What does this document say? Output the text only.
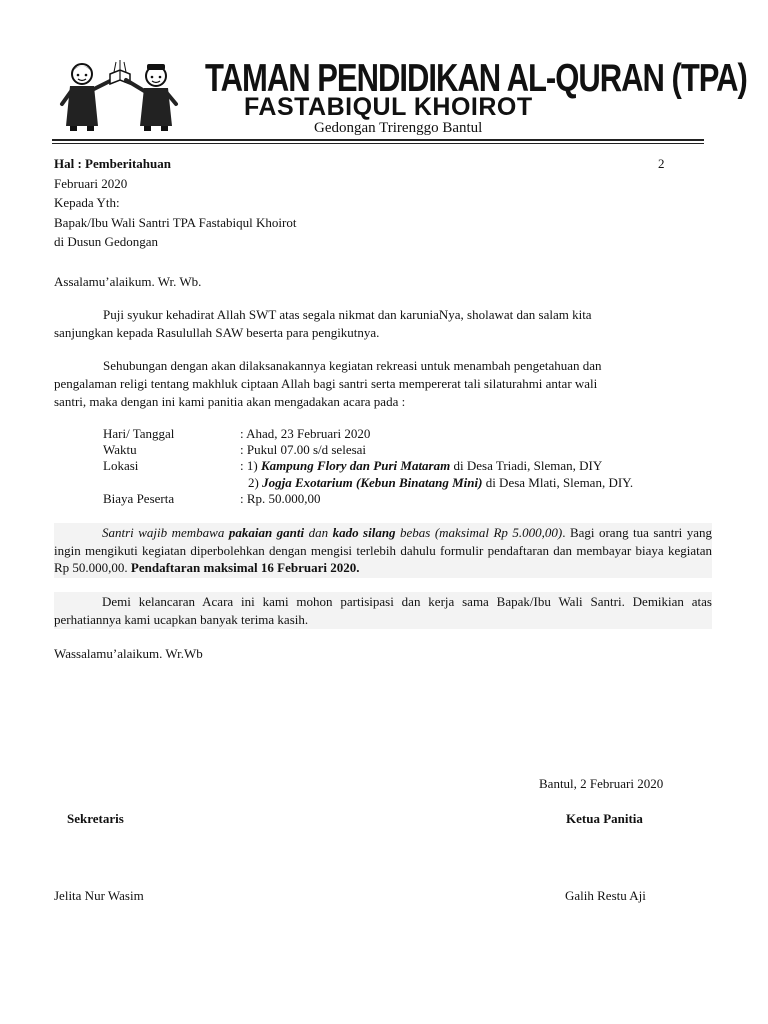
TAMAN PENDIDIKAN AL-QURAN (TPA)
FASTABIQUL KHOIROT
Gedongan Trirenggo Bantul
Hal : Pemberitahuan	2
Februari 2020
Kepada Yth:
Bapak/Ibu Wali Santri TPA Fastabiqul Khoirot
di Dusun Gedongan
Assalamu’alaikum. Wr. Wb.
Puji syukur kehadirat Allah SWT atas segala nikmat dan karuniaNya, sholawat dan salam kita
sanjungkan kepada Rasulullah SAW beserta para pengikutnya.
Sehubungan dengan akan dilaksanakannya kegiatan rekreasi untuk menambah pengetahuan dan
pengalaman religi tentang makhluk ciptaan Allah bagi santri serta mempererat tali silaturahmi antar wali
santri, maka dengan ini kami panitia akan mengadakan acara pada :
Hari/ Tanggal	: Ahad, 23 Februari 2020
Waktu	: Pukul 07.00 s/d selesai
Lokasi	: 1) Kampung Flory dan Puri Mataram di Desa Triadi, Sleman, DIY
2) Jogja Exotarium (Kebun Binatang Mini) di Desa Mlati, Sleman, DIY.
Biaya Peserta	: Rp. 50.000,00
Santri wajib membawa pakaian ganti dan kado silang bebas (maksimal Rp 5.000,00). Bagi orang tua santri yang ingin mengikuti kegiatan diperbolehkan dengan mengisi terlebih dahulu formulir pendaftaran dan membayar biaya kegiatan Rp 50.000,00. Pendaftaran maksimal 16 Februari 2020.
Demi kelancaran Acara ini kami mohon partisipasi dan kerja sama Bapak/Ibu Wali Santri. Demikian atas perhatiannya kami ucapkan banyak terima kasih.
Wassalamu’alaikum. Wr.Wb
Bantul, 2 Februari 2020
Sekretaris	Ketua Panitia
Jelita Nur Wasim	Galih Restu Aji
